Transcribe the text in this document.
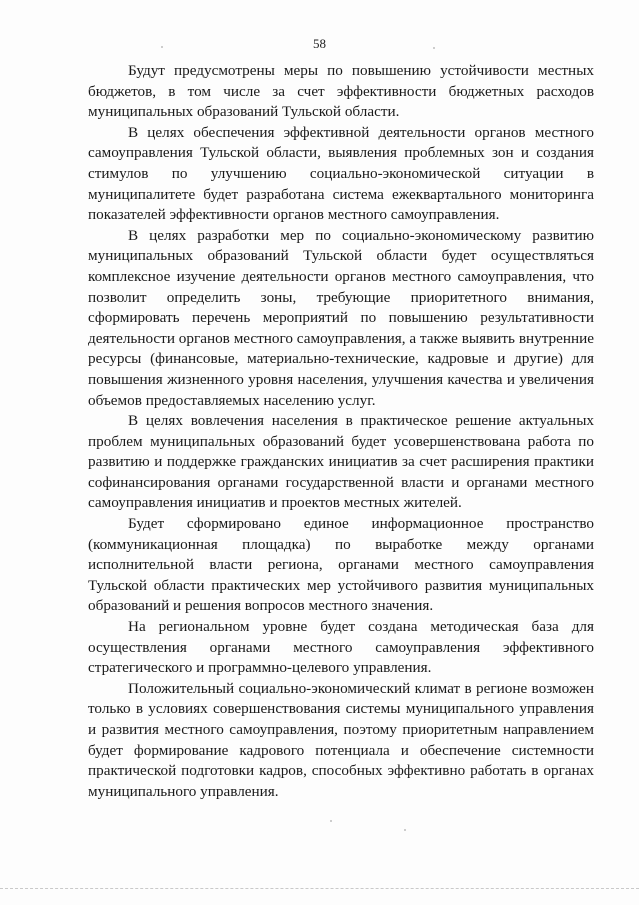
58

Будут предусмотрены меры по повышению устойчивости местных бюджетов, в том числе за счет эффективности бюджетных расходов муниципальных образований Тульской области.

В целях обеспечения эффективной деятельности органов местного самоуправления Тульской области, выявления проблемных зон и создания стимулов по улучшению социально-экономической ситуации в муниципалитете будет разработана система ежеквартального мониторинга показателей эффективности органов местного самоуправления.

В целях разработки мер по социально-экономическому развитию муниципальных образований Тульской области будет осуществляться комплексное изучение деятельности органов местного самоуправления, что позволит определить зоны, требующие приоритетного внимания, сформировать перечень мероприятий по повышению результативности деятельности органов местного самоуправления, а также выявить внутренние ресурсы (финансовые, материально-технические, кадровые и другие) для повышения жизненного уровня населения, улучшения качества и увеличения объемов предоставляемых населению услуг.

В целях вовлечения населения в практическое решение актуальных проблем муниципальных образований будет усовершенствована работа по развитию и поддержке гражданских инициатив за счет расширения практики софинансирования органами государственной власти и органами местного самоуправления инициатив и проектов местных жителей.

Будет сформировано единое информационное пространство (коммуникационная площадка) по выработке между органами исполнительной власти региона, органами местного самоуправления Тульской области практических мер устойчивого развития муниципальных образований и решения вопросов местного значения.

На региональном уровне будет создана методическая база для осуществления органами местного самоуправления эффективного стратегического и программно-целевого управления.

Положительный социально-экономический климат в регионе возможен только в условиях совершенствования системы муниципального управления и развития местного самоуправления, поэтому приоритетным направлением будет формирование кадрового потенциала и обеспечение системности практической подготовки кадров, способных эффективно работать в органах муниципального управления.
